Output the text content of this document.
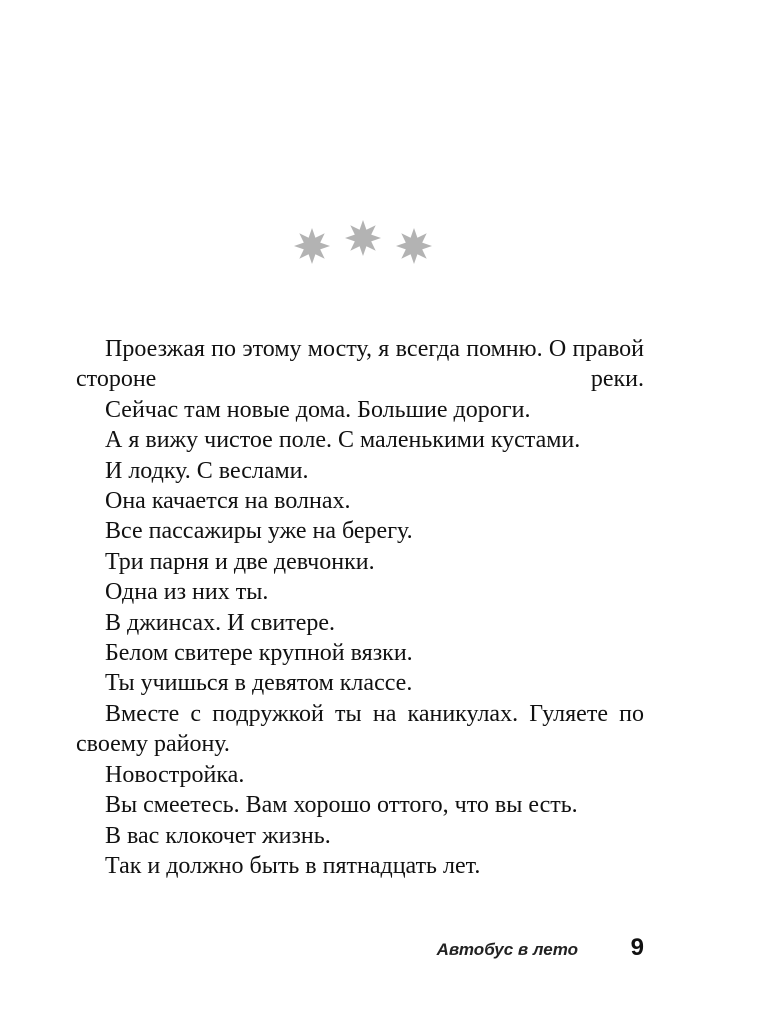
Проезжая по этому мосту, я всегда помню. О правой стороне реки.

Сейчас там новые дома. Большие дороги.

А я вижу чистое поле. С маленькими кустами.

И лодку. С веслами.

Она качается на волнах.

Все пассажиры уже на берегу.

Три парня и две девчонки.

Одна из них ты.

В джинсах. И свитере.

Белом свитере крупной вязки.

Ты учишься в девятом классе.

Вместе с подружкой ты на каникулах. Гуляете по своему району.

Новостройка.

Вы смеетесь. Вам хорошо оттого, что вы есть.

В вас клокочет жизнь.

Так и должно быть в пятнадцать лет.

Автобус в лето 9
